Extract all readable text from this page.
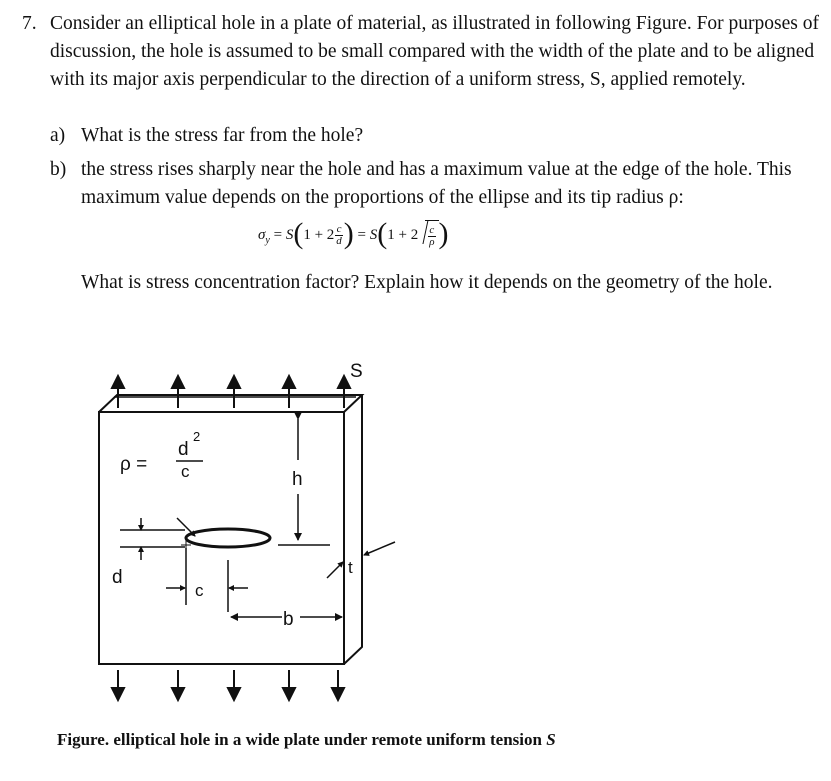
7. Consider an elliptical hole in a plate of material, as illustrated in following Figure. For purposes of discussion, the hole is assumed to be small compared with the width of the plate and to be aligned with its major axis perpendicular to the direction of a uniform stress, S, applied remotely.
a) What is the stress far from the hole?
b) the stress rises sharply near the hole and has a maximum value at the edge of the hole. This maximum value depends on the proportions of the ellipse and its tip radius ρ:
$\sigma_y = S(1 + 2 \frac{c}{d}$ ) = $S(1 + 2 \frac{c}{\rho}$ )
What is stress concentration factor? Explain how it depends on the geometry of the hole.
S
ρ =
d
2
c	h
d
c
b
t
Figure. elliptical hole in a wide plate under remote uniform tension S
